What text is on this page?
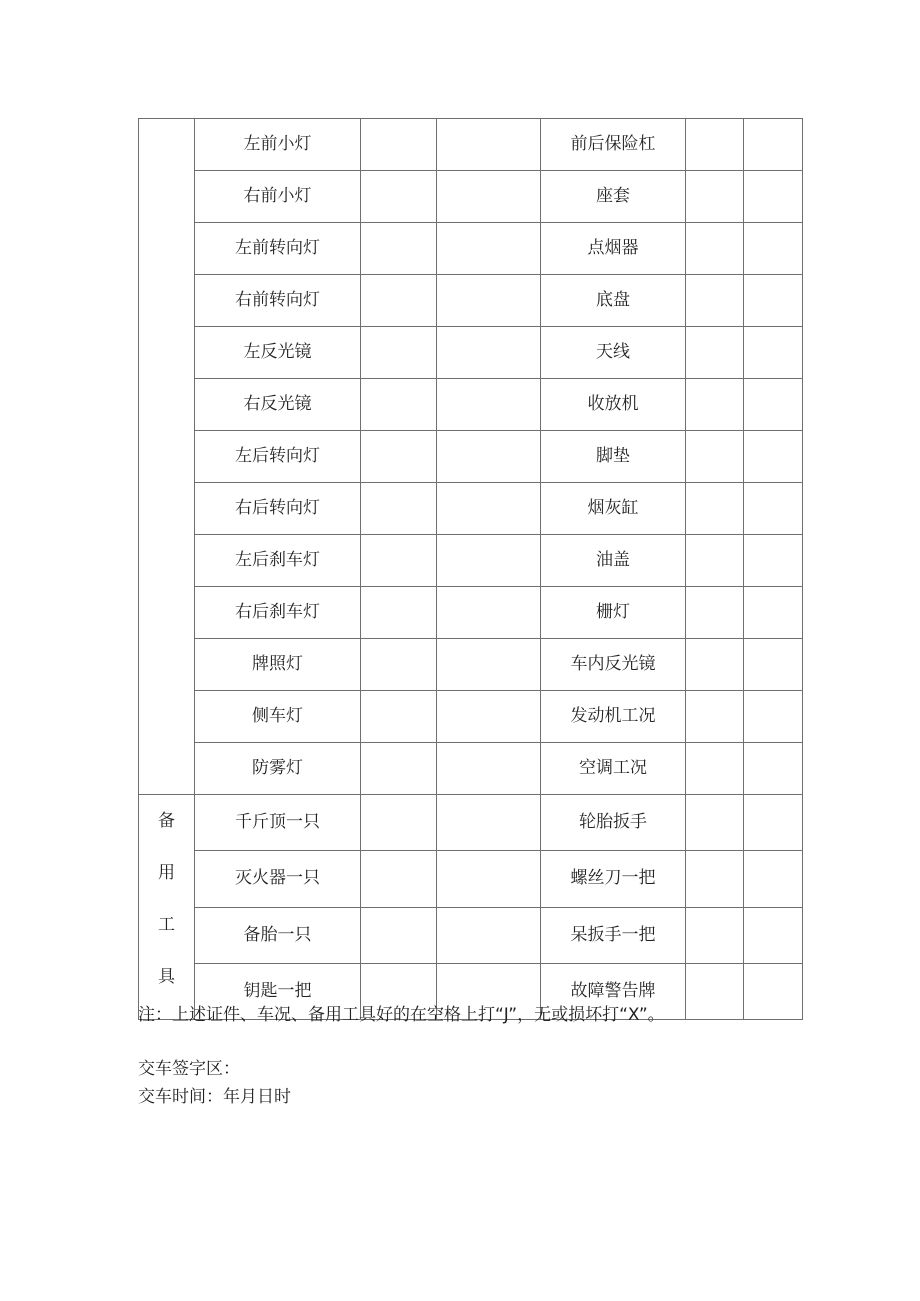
	左前小灯			前后保险杠		
	右前小灯			座套		
	左前转向灯			点烟器		
	右前转向灯			底盘		
	左反光镜			天线		
	右反光镜			收放机		
	左后转向灯			脚垫		
	右后转向灯			烟灰缸		
	左后刹车灯			油盖		
	右后刹车灯			栅灯		
	牌照灯			车内反光镜		
	侧车灯			发动机工况		
	防雾灯			空调工况		

备
用
工
具	千斤顶一只			轮胎扳手		
	灭火器一只			螺丝刀一把		
	备胎一只			呆扳手一把		
	钥匙一把			故障警告牌		
注：上述证件、车况、备用工具好的在空格上打“J”，无或损坏打“X”。
交车签字区：
交车时间：年月日时
